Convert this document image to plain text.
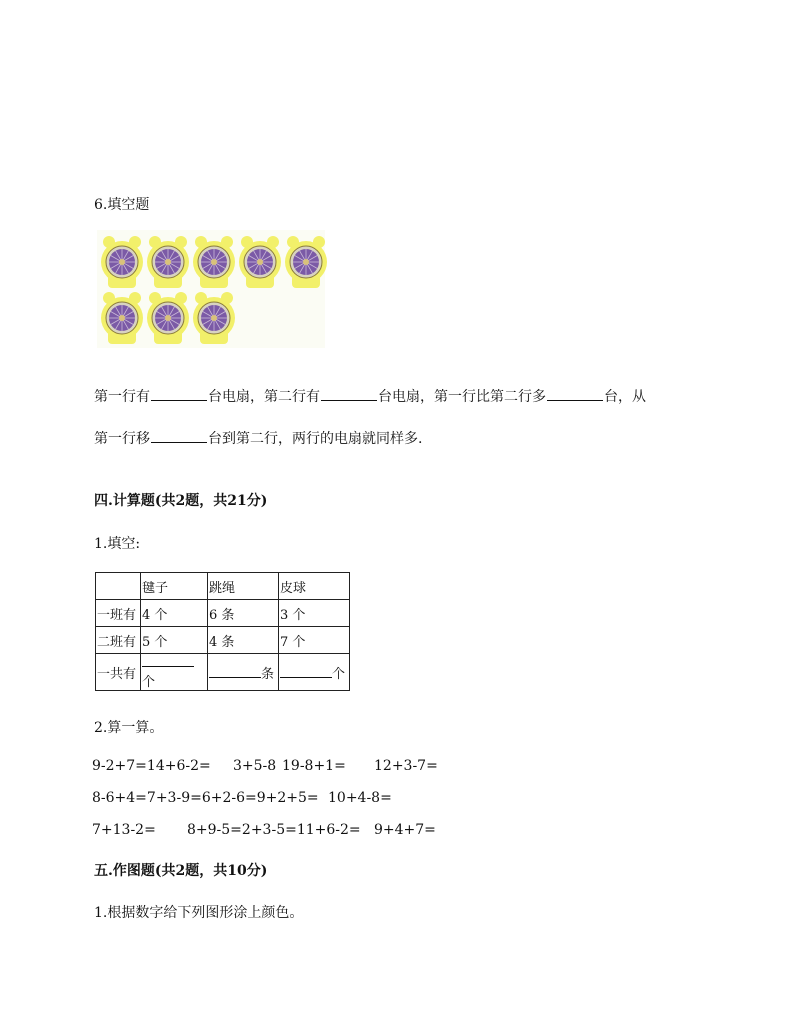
6.填空题
第一行有	台电扇，第二行有	台电扇，第一行比第二行多	台，从
第一行移	台到第二行，两行的电扇就同样多.
四.计算题(共2题，共21分)
1.填空:
	毽子	跳绳	皮球
一班有	4 个	6 条	3 个
二班有	5 个	4 条	7 个
一共有	个	条	个
2.算一算。
9-2+7=14+6-2= 3+5-8 19-8+1= 12+3-7=
8-6+4=7+3-9=6+2-6=9+2+5= 10+4-8=
7+13-2= 8+9-5=2+3-5=11+6-2= 9+4+7=
五.作图题(共2题，共10分)
1.根据数字给下列图形涂上颜色。
